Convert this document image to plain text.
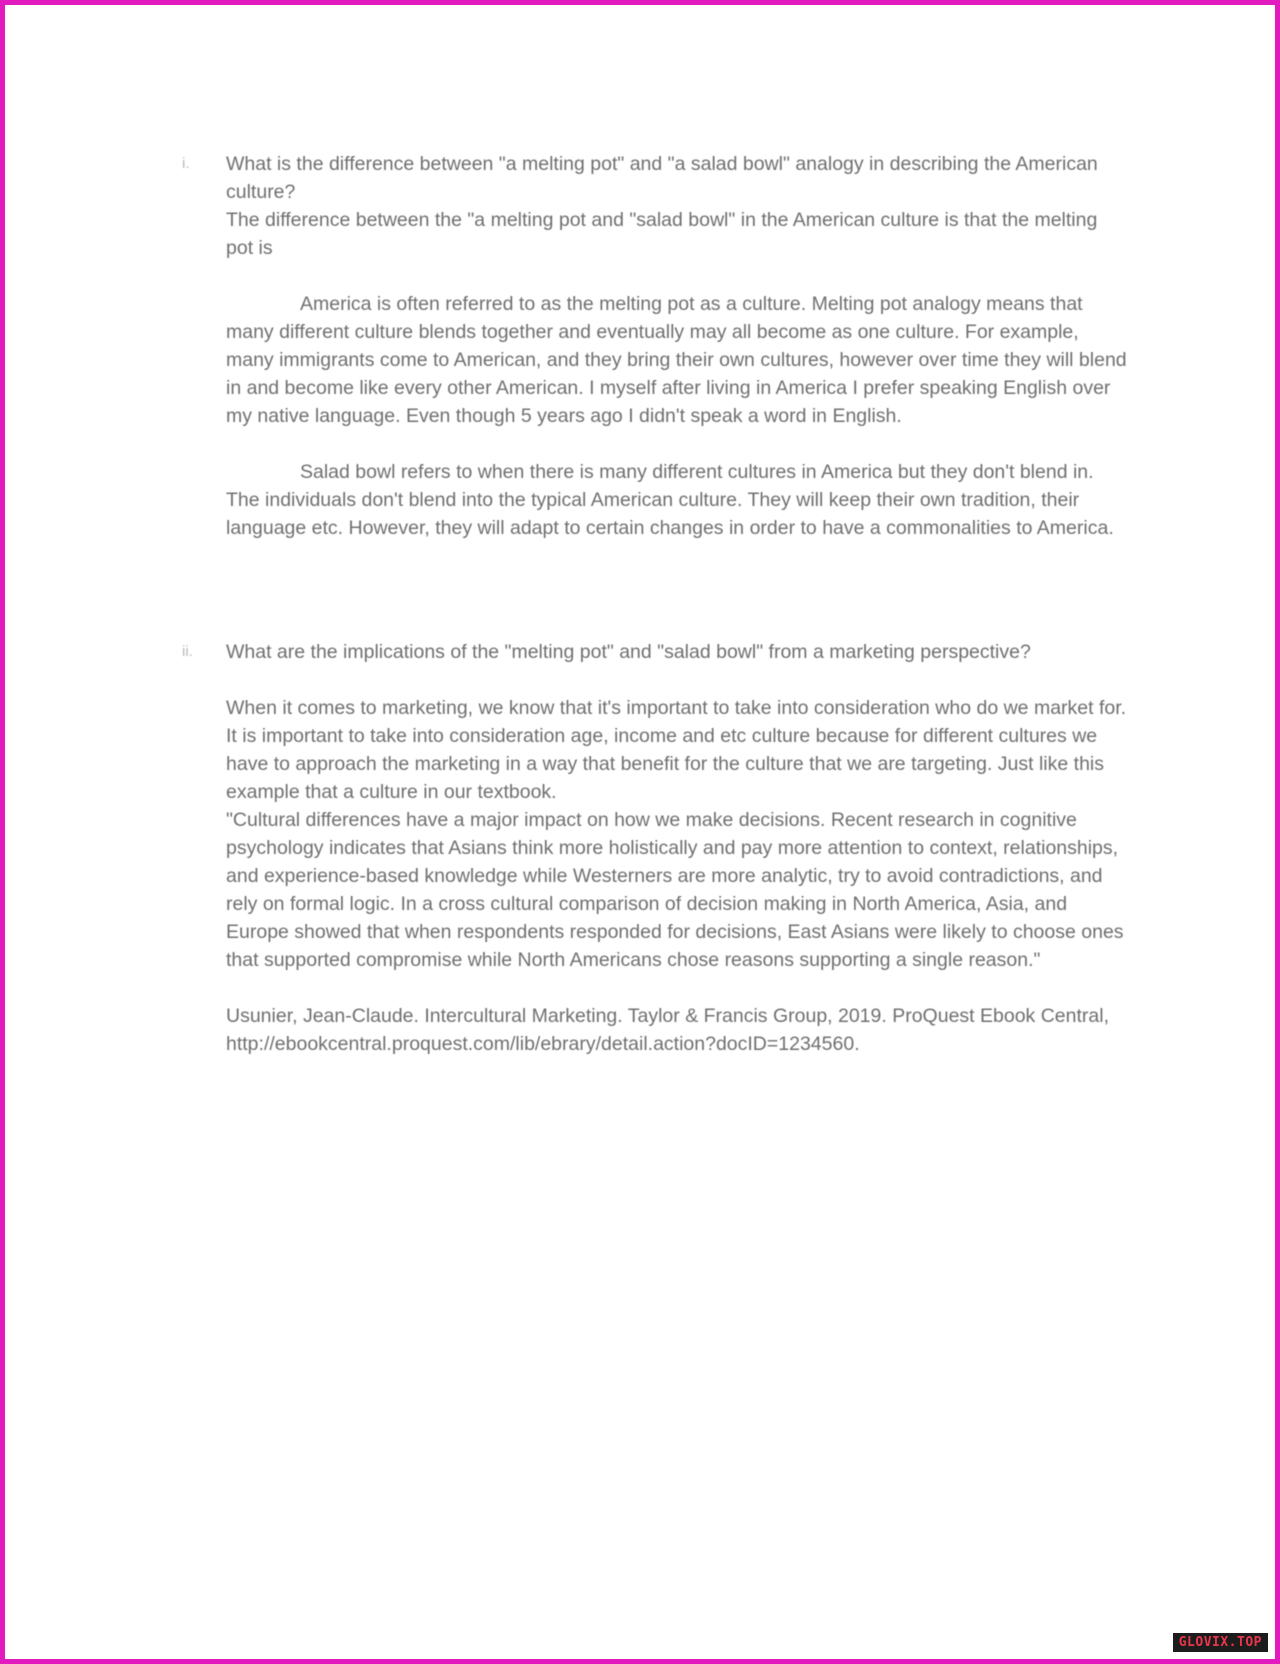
i.	What is the difference between "a melting pot" and "a salad bowl" analogy in describing the American culture?

The difference between the "a melting pot and "salad bowl" in the American culture is that the melting pot is

America is often referred to as the melting pot as a culture. Melting pot analogy means that many different culture blends together and eventually may all become as one culture. For example, many immigrants come to American, and they bring their own cultures, however over time they will blend in and become like every other American. I myself after living in America I prefer speaking English over my native language. Even though 5 years ago I didn't speak a word in English.

Salad bowl refers to when there is many different cultures in America but they don't blend in. The individuals don't blend into the typical American culture. They will keep their own tradition, their language etc. However, they will adapt to certain changes in order to have a commonalities to America.

ii.	What are the implications of the "melting pot" and "salad bowl" from a marketing perspective?

When it comes to marketing, we know that it's important to take into consideration who do we market for. It is important to take into consideration age, income and etc culture because for different cultures we have to approach the marketing in a way that benefit for the culture that we are targeting. Just like this example that a culture in our textbook.

"Cultural differences have a major impact on how we make decisions. Recent research in cognitive psychology indicates that Asians think more holistically and pay more attention to context, relationships, and experience-based knowledge while Westerners are more analytic, try to avoid contradictions, and rely on formal logic. In a cross cultural comparison of decision making in North America, Asia, and Europe showed that when respondents responded for decisions, East Asians were likely to choose ones that supported compromise while North Americans chose reasons supporting a single reason."

Usunier, Jean-Claude. Intercultural Marketing. Taylor & Francis Group, 2019. ProQuest Ebook Central, http://ebookcentral.proquest.com/lib/ebrary/detail.action?docID=1234560.

GLOVIX.TOP
